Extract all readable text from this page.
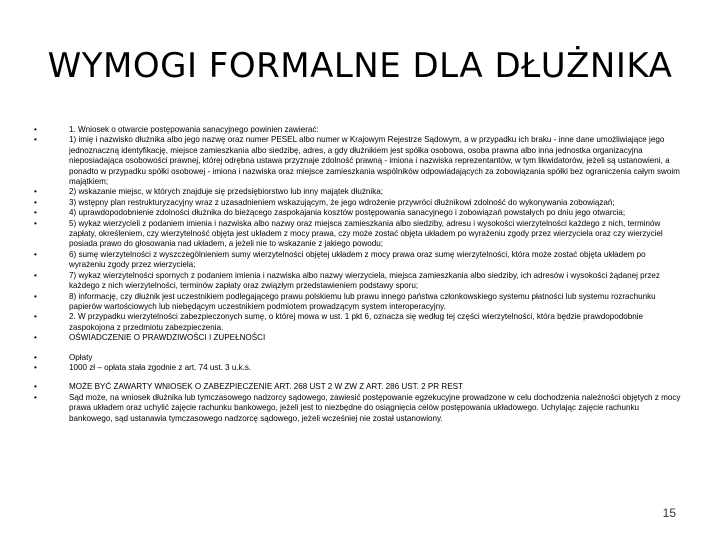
WYMOGI FORMALNE DLA DŁUŻNIKA
•	1. Wniosek o otwarcie postępowania sanacyjnego powinien zawierać:
•	1) imię i nazwisko dłużnika albo jego nazwę oraz numer PESEL albo numer w Krajowym Rejestrze Sądowym, a w przypadku ich braku - inne dane umożliwiające jego jednoznaczną identyfikację, miejsce zamieszkania albo siedzibę, adres, a gdy dłużnikiem jest spółka osobowa, osoba prawna albo inna jednostka organizacyjna nieposiadająca osobowości prawnej, której odrębna ustawa przyznaje zdolność prawną - imiona i nazwiska reprezentantów, w tym likwidatorów, jeżeli są ustanowieni, a ponadto w przypadku spółki osobowej - imiona i nazwiska oraz miejsce zamieszkania wspólników odpowiadających za zobowiązania spółki bez ograniczenia całym swoim majątkiem;
•	2) wskazanie miejsc, w których znajduje się przedsiębiorstwo lub inny majątek dłużnika;
•	3) wstępny plan restrukturyzacyjny wraz z uzasadnieniem wskazującym, że jego wdrożenie przywróci dłużnikowi zdolność do wykonywania zobowiązań;
•	4) uprawdopodobnienie zdolności dłużnika do bieżącego zaspokajania kosztów postępowania sanacyjnego i zobowiązań powstałych po dniu jego otwarcia;
•	5) wykaz wierzycieli z podaniem imienia i nazwiska albo nazwy oraz miejsca zamieszkania albo siedziby, adresu i wysokości wierzytelności każdego z nich, terminów zapłaty, określeniem, czy wierzytelność objęta jest układem z mocy prawa, czy może zostać objęta układem po wyrażeniu zgody przez wierzyciela oraz czy wierzyciel posiada prawo do głosowania nad układem, a jeżeli nie to wskazanie z jakiego powodu;
•	6) sumę wierzytelności z wyszczególnieniem sumy wierzytelności objętej układem z mocy prawa oraz sumę wierzytelności, która może zostać objęta układem po wyrażeniu zgody przez wierzyciela;
•	7) wykaz wierzytelności spornych z podaniem imienia i nazwiska albo nazwy wierzyciela, miejsca zamieszkania albo siedziby, ich adresów i wysokości żądanej przez każdego z nich wierzytelności, terminów zapłaty oraz związłym przedstawieniem podstawy sporu;
•	8) informację, czy dłużnik jest uczestnikiem podlegającego prawu polskiemu lub prawu innego państwa członkowskiego systemu płatności lub systemu rozrachunku papierów wartościowych lub niebędącym uczestnikiem podmiotem prowadzącym system interoperacyjny.
•	2. W przypadku wierzytelności zabezpieczonych sumę, o której mowa w ust. 1 pkt 6, oznacza się według tej części wierzytelności, która będzie prawdopodobnie zaspokojona z przedmiotu zabezpieczenia.
•	OŚWIADCZENIE O PRAWDZIWOŚCI I ZUPEŁNOŚCI
•	Opłaty
•	1000 zł – opłata stała zgodnie z art. 74 ust. 3 u.k.s.
•	MOŻE BYĆ ZAWARTY WNIOSEK O ZABEZPIECZENIE ART. 268 UST 2 W ZW Z ART. 286 UST. 2 PR REST
•	Sąd może, na wniosek dłużnika lub tymczasowego nadzorcy sądowego, zawiesić postępowanie egzekucyjne prowadzone w celu dochodzenia należności objętych z mocy prawa układem oraz uchylić zajęcie rachunku bankowego, jeżeli jest to niezbędne do osiągnięcia celów postępowania układowego. Uchylając zajęcie rachunku bankowego, sąd ustanawia tymczasowego nadzorcę sądowego, jeżeli wcześniej nie został ustanowiony.
15
